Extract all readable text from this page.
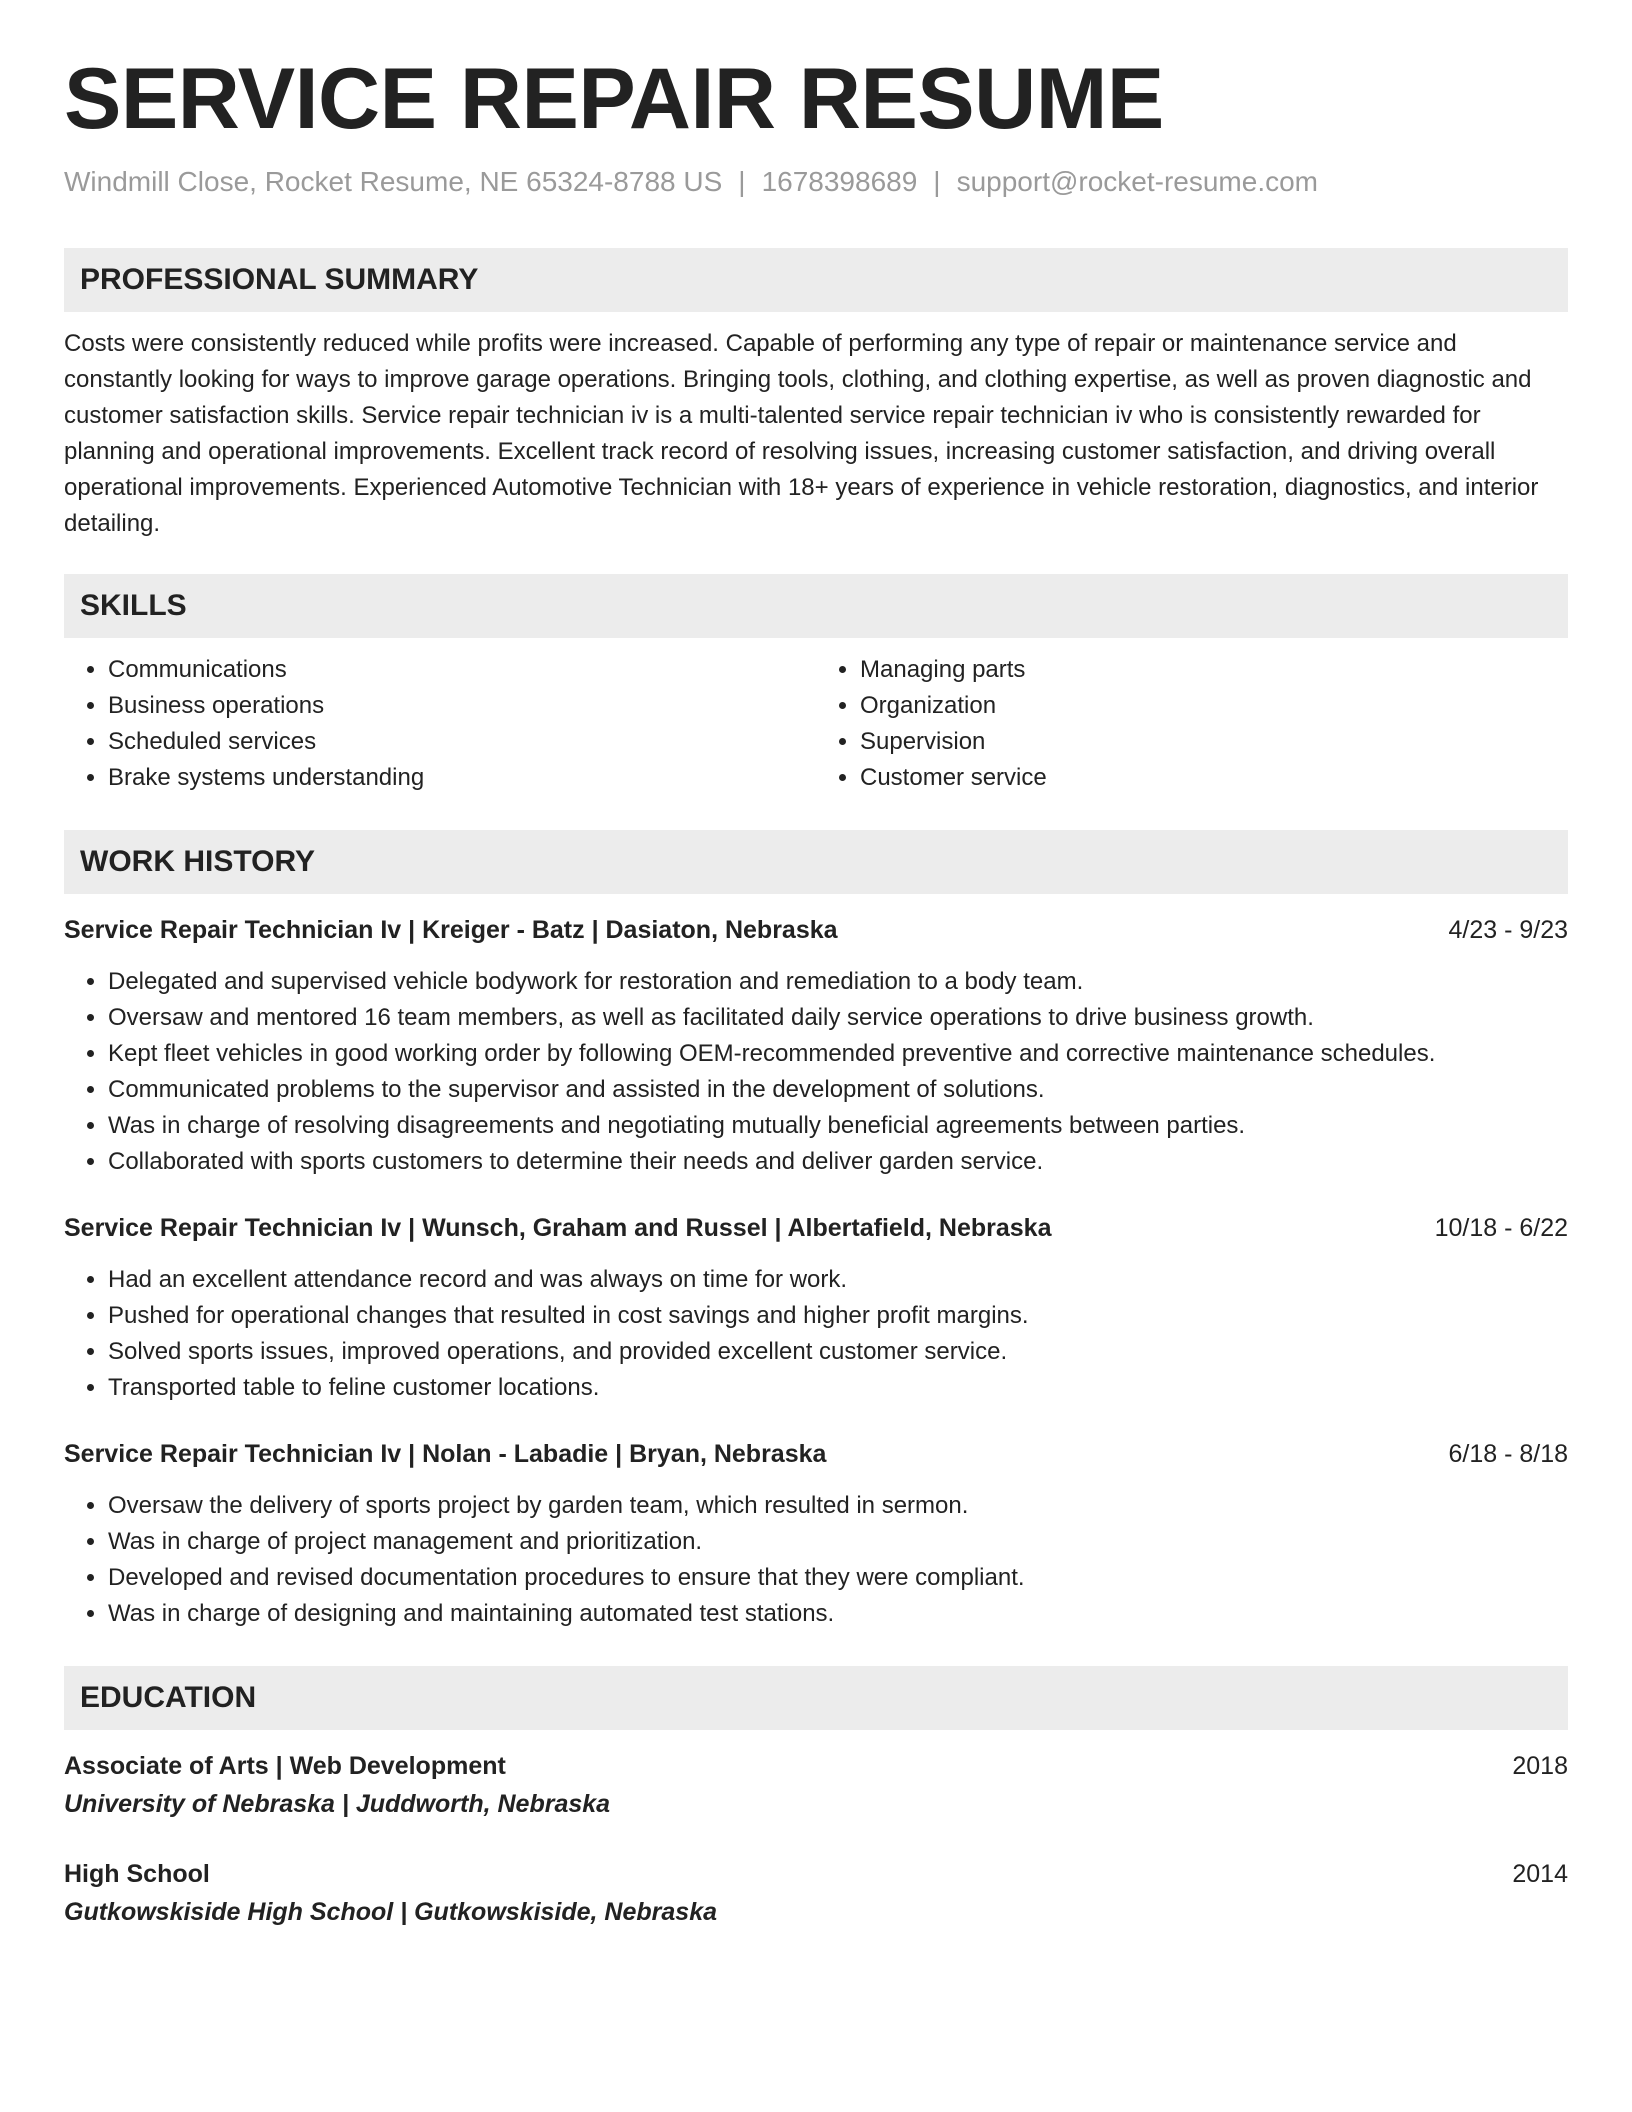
SERVICE REPAIR RESUME
Windmill Close, Rocket Resume, NE 65324-8788 US | 1678398689 | support@rocket-resume.com
PROFESSIONAL SUMMARY
Costs were consistently reduced while profits were increased. Capable of performing any type of repair or maintenance service and constantly looking for ways to improve garage operations. Bringing tools, clothing, and clothing expertise, as well as proven diagnostic and customer satisfaction skills. Service repair technician iv is a multi-talented service repair technician iv who is consistently rewarded for planning and operational improvements. Excellent track record of resolving issues, increasing customer satisfaction, and driving overall operational improvements. Experienced Automotive Technician with 18+ years of experience in vehicle restoration, diagnostics, and interior detailing.
SKILLS
• Communications
• Business operations
• Scheduled services
• Brake systems understanding
• Managing parts
• Organization
• Supervision
• Customer service
WORK HISTORY
Service Repair Technician Iv | Kreiger - Batz | Dasiaton, Nebraska	4/23 - 9/23
• Delegated and supervised vehicle bodywork for restoration and remediation to a body team.
• Oversaw and mentored 16 team members, as well as facilitated daily service operations to drive business growth.
• Kept fleet vehicles in good working order by following OEM-recommended preventive and corrective maintenance schedules.
• Communicated problems to the supervisor and assisted in the development of solutions.
• Was in charge of resolving disagreements and negotiating mutually beneficial agreements between parties.
• Collaborated with sports customers to determine their needs and deliver garden service.
Service Repair Technician Iv | Wunsch, Graham and Russel | Albertafield, Nebraska	10/18 - 6/22
• Had an excellent attendance record and was always on time for work.
• Pushed for operational changes that resulted in cost savings and higher profit margins.
• Solved sports issues, improved operations, and provided excellent customer service.
• Transported table to feline customer locations.
Service Repair Technician Iv | Nolan - Labadie | Bryan, Nebraska	6/18 - 8/18
• Oversaw the delivery of sports project by garden team, which resulted in sermon.
• Was in charge of project management and prioritization.
• Developed and revised documentation procedures to ensure that they were compliant.
• Was in charge of designing and maintaining automated test stations.
EDUCATION
Associate of Arts | Web Development	2018
University of Nebraska | Juddworth, Nebraska
High School	2014
Gutkowskiside High School | Gutkowskiside, Nebraska
